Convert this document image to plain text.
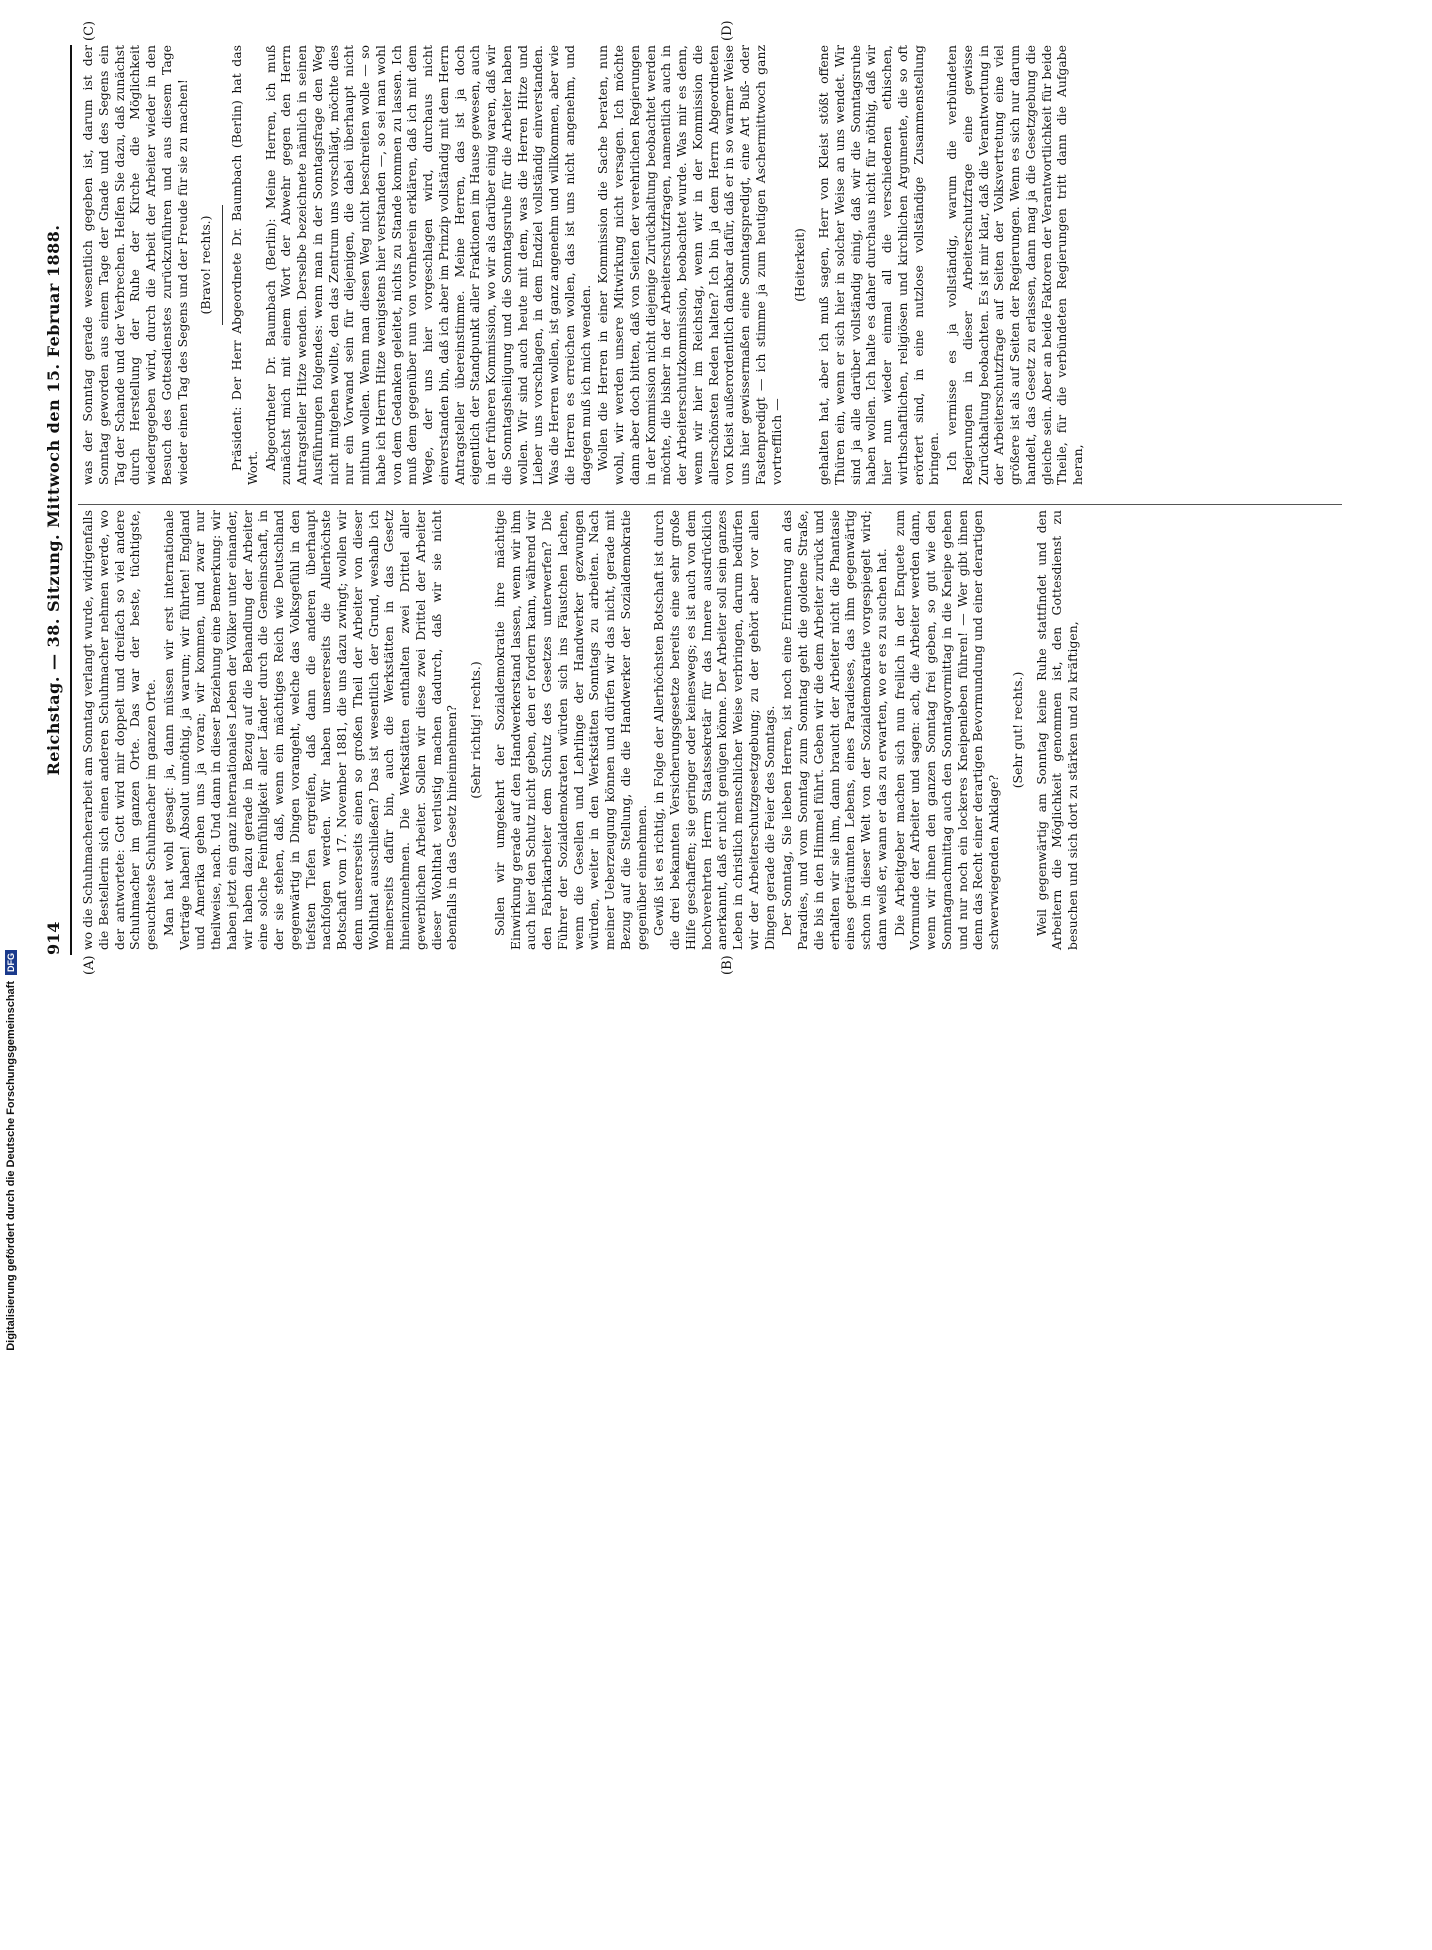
Digitalisierung gefördert durch die Deutsche Forschungsgemeinschaft
DFG
914
Reichstag. — 38. Sitzung. Mittwoch den 15. Februar 1888.
(A)	(B)
(C)	(D)

wo die Schuhmacherarbeit am Sonntag verlangt wurde, widrigenfalls die Bestellerin sich einen anderen Schuhmacher nehmen werde, wo der antwortete: Gott wird mir doppelt und dreifach so viel andere Schuhmacher im ganzen Orte. Das war der beste, tüchtigste, gesuchteste Schuhmacher im ganzen Orte. Man hat wohl gesagt: ja, dann müssen wir erst internationale Verträge haben! Absolut unnöthig, ja warum; wir führten! England und Amerika gehen uns ja voran; wir kommen, und zwar nur theilweise, nach. Und dann in dieser Beziehung eine Bemerkung: wir haben jetzt ein ganz internationales Leben der Völker unter einander, wir haben dazu gerade in Bezug auf die Behandlung der Arbeiter eine solche Feinfühligkeit aller Länder durch die Gemeinschaft, in der sie stehen, daß, wenn ein mächtiges Reich wie Deutschland gegenwärtig in Dingen vorangeht, welche das Volksgefühl in den tiefsten Tiefen ergreifen, daß dann die anderen überhaupt nachfolgen werden. Wir haben unsererseits die Allerhöchste Botschaft vom 17. November 1881, die uns dazu zwingt; wollen wir denn unsererseits einen so großen Theil der Arbeiter von dieser Wohlthat ausschließen? Das ist wesentlich der Grund, weshalb ich meinerseits dafür bin, auch die Werkstätten in das Gesetz hineinzunehmen. Die Werkstätten enthalten zwei Drittel aller gewerblichen Arbeiter. Sollen wir diese zwei Drittel der Arbeiter dieser Wohlthat verlustig machen dadurch, daß wir sie nicht ebenfalls in das Gesetz hineinnehmen? (Sehr richtig! rechts.) Sollen wir umgekehrt der Sozialdemokratie ihre mächtige Einwirkung gerade auf den Handwerkerstand lassen, wenn wir ihm auch hier den Schutz nicht geben, den er fordern kann, während wir den Fabrikarbeiter dem Schutz des Gesetzes unterwerfen? Die Führer der Sozialdemokraten würden sich ins Fäustchen lachen, wenn die Gesellen und Lehrlinge der Handwerker gezwungen würden, weiter in den Werkstätten Sonntags zu arbeiten. Nach meiner Ueberzeugung können und dürfen wir das nicht, gerade mit Bezug auf die Stellung, die die Handwerker der Sozialdemokratie gegenüber einnehmen. Gewiß ist es richtig, in Folge der Allerhöchsten Botschaft ist durch die drei bekannten Versicherungsgesetze bereits eine sehr große Hilfe geschaffen; sie geringer oder keineswegs; es ist auch von dem hochverehrten Herrn Staatssekretär für das Innere ausdrücklich anerkannt, daß er nicht genügen könne. Der Arbeiter soll sein ganzes Leben in christlich menschlicher Weise verbringen, darum bedürfen wir der Arbeiterschutzgesetzgebung; zu der gehört aber vor allen Dingen gerade die Feier des Sonntags. Der Sonntag, Sie lieben Herren, ist noch eine Erinnerung an das Paradies, und vom Sonntag zum Sonntag geht die goldene Straße, die bis in den Himmel führt. Geben wir die dem Arbeiter zurück und erhalten wir sie ihm, dann braucht der Arbeiter nicht die Phantasie eines geträumten Lebens, eines Paradieses, das ihm gegenwärtig schon in dieser Welt von der Sozialdemokratie vorgespiegelt wird; dann weiß er, wann er das zu erwarten, wo er es zu suchen hat. Die Arbeitgeber machen sich nun freilich in der Enquete zum Vormunde der Arbeiter und sagen: ach, die Arbeiter werden dann, wenn wir ihnen den ganzen Sonntag frei geben, so gut wie den Sonntagnachmittag auch den Sonntagvormittag in die Kneipe gehen und nur noch ein lockeres Kneipenleben führen! — Wer gibt ihnen denn das Recht einer derartigen Bevormundung und einer derartigen schwerwiegenden Anklage?

(Sehr gut! rechts.) Weil gegenwärtig am Sonntag keine Ruhe stattfindet und den Arbeitern die Möglichkeit genommen ist, den Gottesdienst zu besuchen und sich dort zu stärken und zu kräftigen,

was der Sonntag gerade wesentlich gegeben ist, darum ist der Sonntag geworden aus einem Tage der Gnade und des Segens ein Tag der Schande und der Verbrechen. Helfen Sie dazu, daß zunächst durch Herstellung der Ruhe der Kirche die Möglichkeit wiedergegeben wird, durch die Arbeit der Arbeiter wieder in den Besuch des Gottesdienstes zurückzuführen und aus diesem Tage wieder einen Tag des Segens und der Freude für sie zu machen! (Bravo! rechts.) Präsident: Der Herr Abgeordnete Dr. Baumbach (Berlin) hat das Wort. Abgeordneter Dr. Baumbach (Berlin): Meine Herren, ich muß zunächst mich mit einem Wort der Abwehr gegen den Herrn Antragsteller Hitze wenden. Derselbe bezeichnete nämlich in seinen Ausführungen folgendes: wenn man in der Sonntagsfrage den Weg nicht mitgehen wollte, den das Zentrum uns vorschlägt, möchte dies nur ein Vorwand sein für diejenigen, die dabei überhaupt nicht mithun wollen. Wenn man diesen Weg nicht beschreiten wolle — so habe ich Herrn Hitze wenigstens hier verstanden —, so sei man wohl von dem Gedanken geleitet, nichts zu Stande kommen zu lassen. Ich muß dem gegenüber nun von vornherein erklären, daß ich mit dem Wege, der uns hier vorgeschlagen wird, durchaus nicht einverstanden bin, daß ich aber im Prinzip vollständig mit dem Herrn Antragsteller übereinstimme. Meine Herren, das ist ja doch eigentlich der Standpunkt aller Fraktionen im Hause gewesen, auch in der früheren Kommission, wo wir als darüber einig waren, daß wir die Sonntagsheiligung und die Sonntagsruhe für die Arbeiter haben wollen. Wir sind auch heute mit dem, was die Herren Hitze und Lieber uns vorschlagen, in dem Endziel vollständig einverstanden. Was die Herren wollen, ist ganz angenehm und willkommen, aber wie die Herren es erreichen wollen, das ist uns nicht angenehm, und dagegen muß ich mich wenden. Wollen die Herren in einer Kommission die Sache beraten, nun wohl, wir werden unsere Mitwirkung nicht versagen. Ich möchte dann aber doch bitten, daß von Seiten der verehrlichen Regierungen in der Kommission nicht diejenige Zurückhaltung beobachtet werden möchte, die bisher in der Arbeiterschutzfragen, namentlich auch in der Arbeiterschutzkommission, beobachtet wurde. Was mir es denn, wenn wir hier im Reichstag, wenn wir in der Kommission die allerschönsten Reden halten? Ich bin ja dem Herrn Abgeordneten von Kleist außerordentlich dankbar dafür, daß er in so warmer Weise uns hier gewissermaßen eine Sonntagspredigt, eine Art Buß- oder Fastenpredigt — ich stimme ja zum heutigen Aschermittwoch ganz vortrefflich —

(Heiterkeit) gehalten hat, aber ich muß sagen, Herr von Kleist stößt offene Thüren ein, wenn er sich hier in solcher Weise an uns wendet. Wir sind ja alle darüber vollständig einig, daß wir die Sonntagsruhe haben wollen. Ich halte es daher durchaus nicht für nöthig, daß wir hier nun wieder einmal all die verschiedenen ethischen, wirthschaftlichen, religiösen und kirchlichen Argumente, die so oft erörtert sind, in eine nutzlose vollständige Zusammenstellung bringen. Ich vermisse es ja vollständig, warum die verbündeten Regierungen in dieser Arbeiterschutzfrage eine gewisse Zurückhaltung beobachten. Es ist mir klar, daß die Verantwortung in der Arbeiterschutzfrage auf Seiten der Volksvertretung eine viel größere ist als auf Seiten der Regierungen. Wenn es sich nur darum handelt, das Gesetz zu erlassen, dann mag ja die Gesetzgebung die gleiche sein. Aber an beide Faktoren der Verantwortlichkeit für beide Theile, für die verbündeten Regierungen tritt dann die Aufgabe heran,
